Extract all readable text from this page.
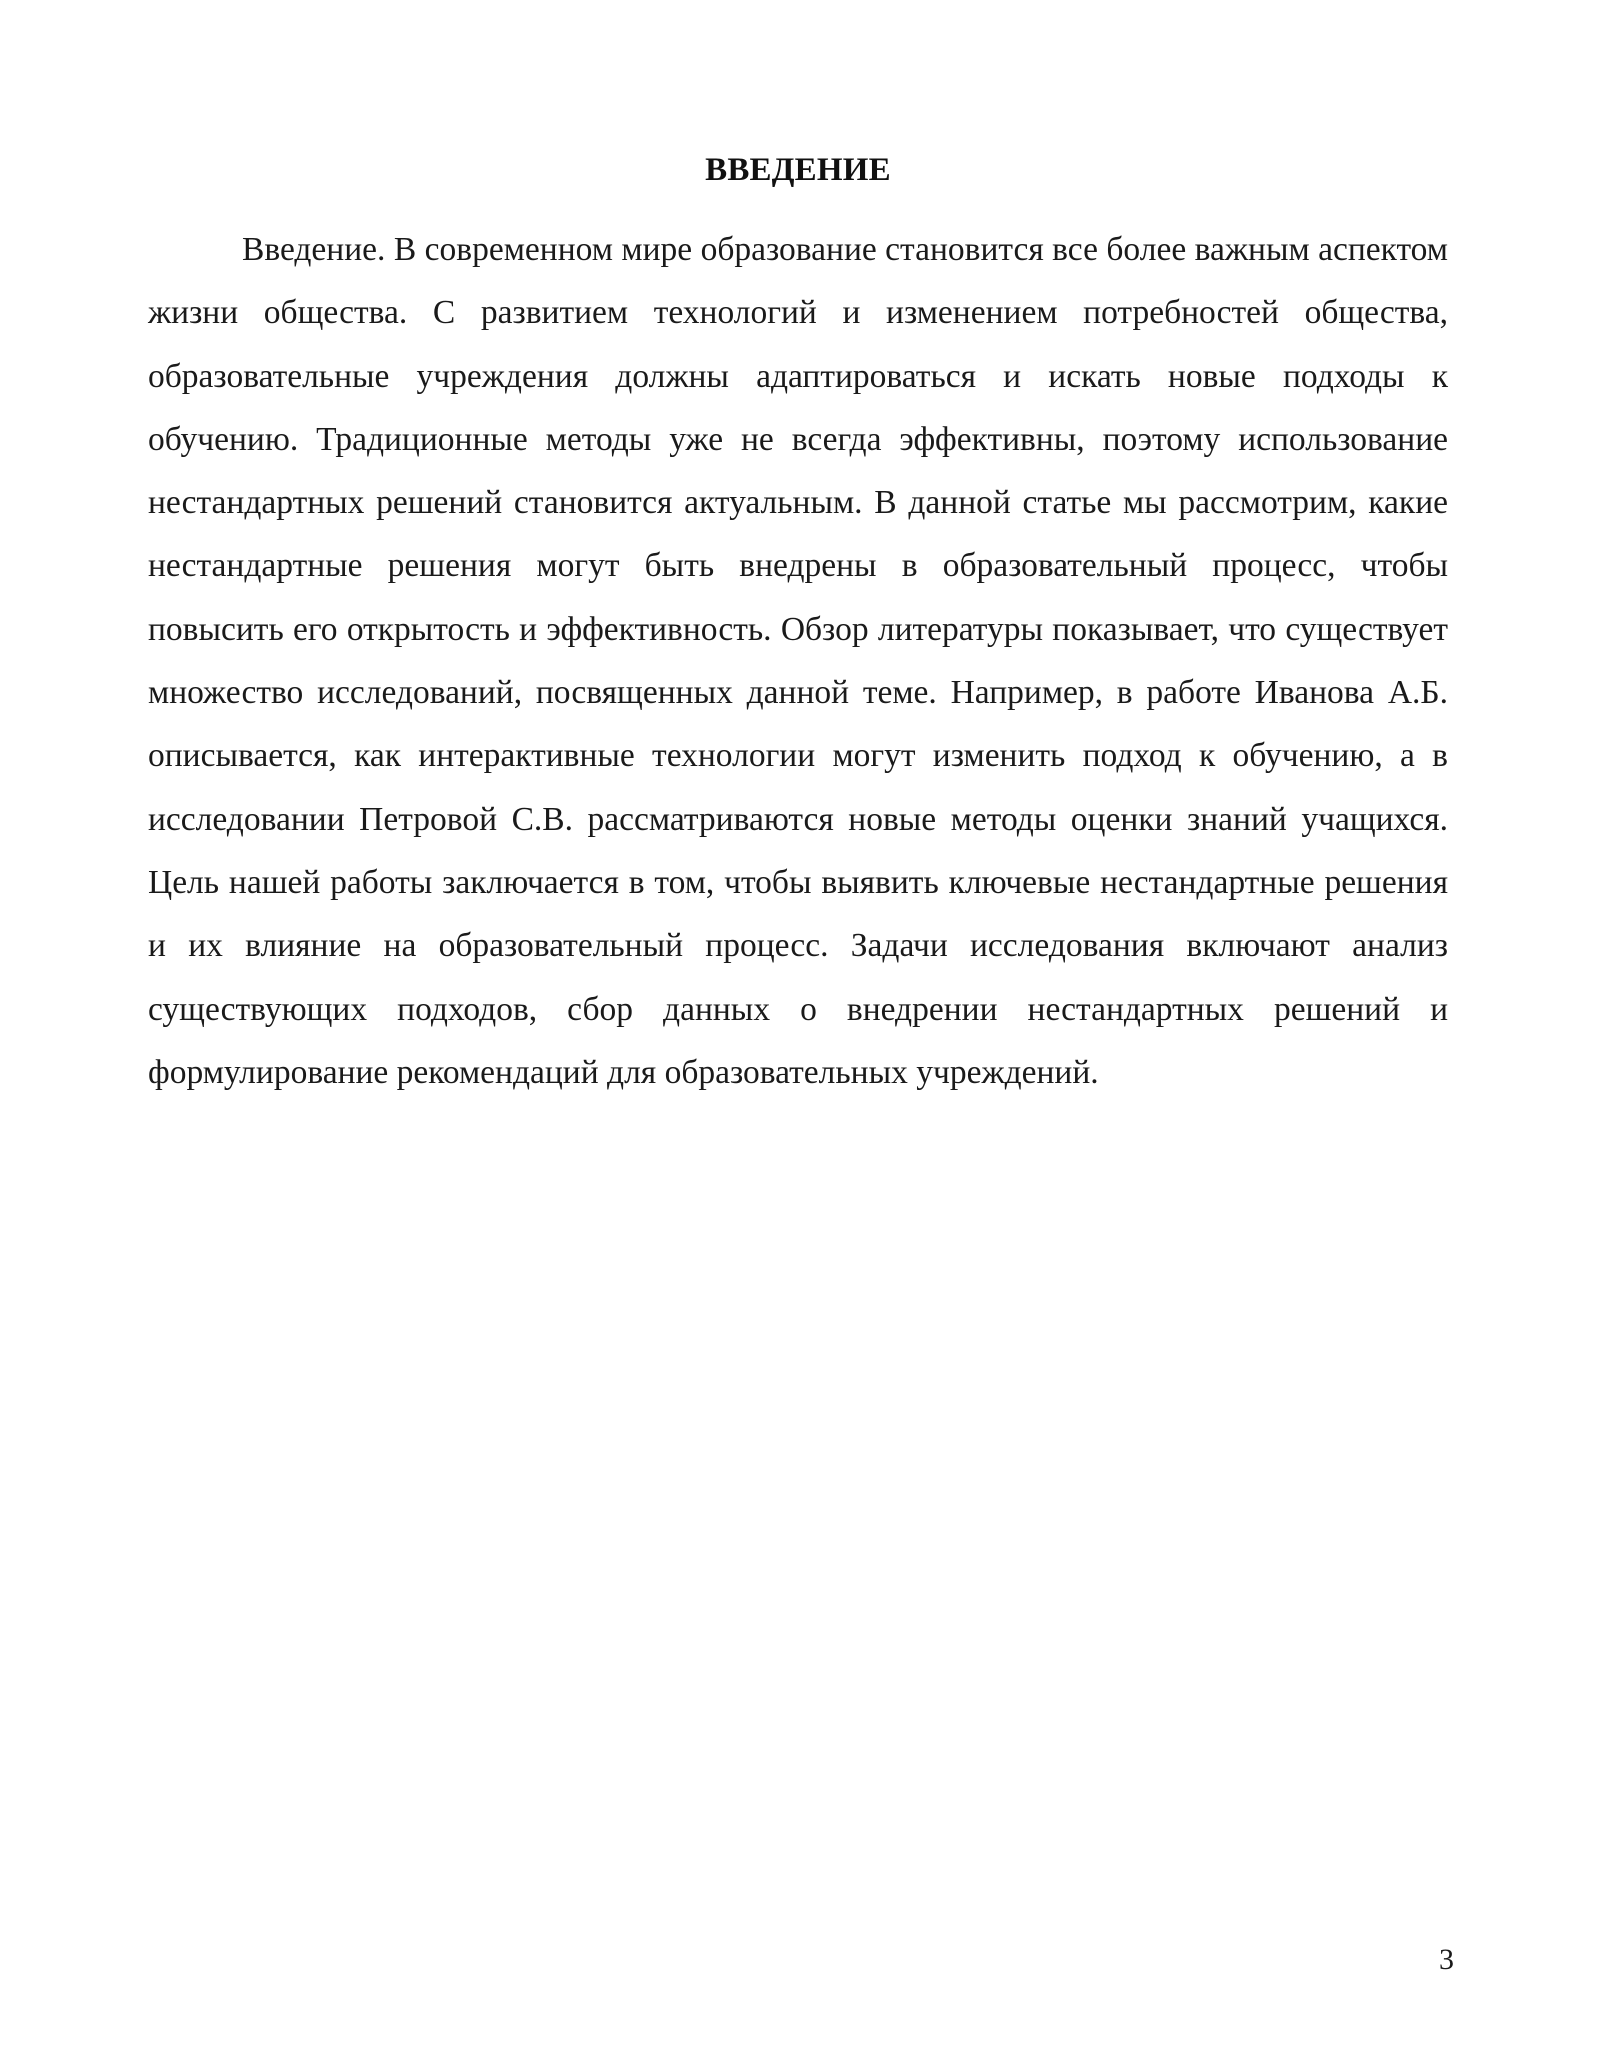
ВВЕДЕНИЕ

Введение. В современном мире образование становится все более важным аспектом жизни общества. С развитием технологий и изменением потребностей общества, образовательные учреждения должны адаптироваться и искать новые подходы к обучению. Традиционные методы уже не всегда эффективны, поэтому использование нестандартных решений становится актуальным. В данной статье мы рассмотрим, какие нестандартные решения могут быть внедрены в образовательный процесс, чтобы повысить его открытость и эффективность. Обзор литературы показывает, что существует множество исследований, посвященных данной теме. Например, в работе Иванова А.Б. описывается, как интерактивные технологии могут изменить подход к обучению, а в исследовании Петровой С.В. рассматриваются новые методы оценки знаний учащихся. Цель нашей работы заключается в том, чтобы выявить ключевые нестандартные решения и их влияние на образовательный процесс. Задачи исследования включают анализ существующих подходов, сбор данных о внедрении нестандартных решений и формулирование рекомендаций для образовательных учреждений.

3
